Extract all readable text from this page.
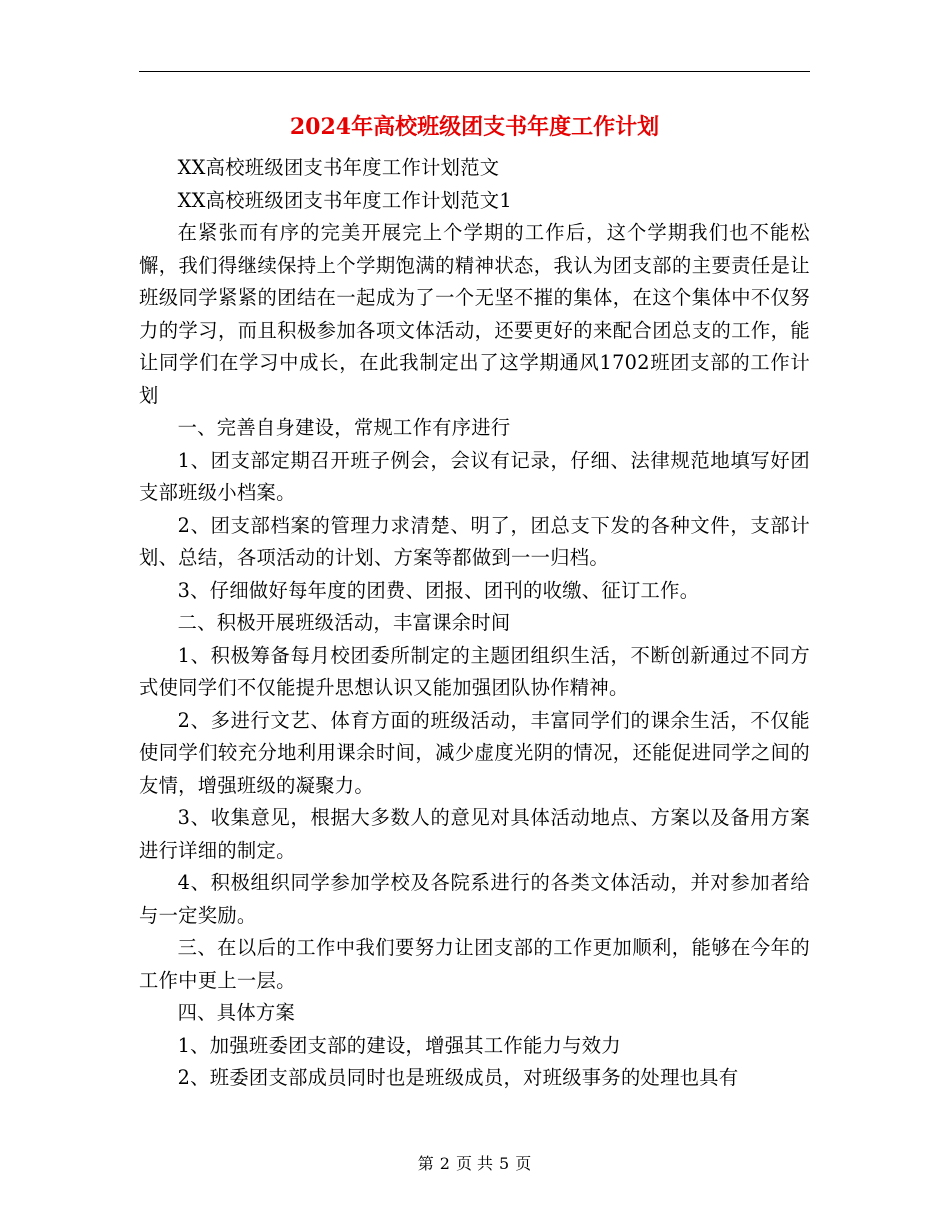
2024年高校班级团支书年度工作计划

XX高校班级团支书年度工作计划范文

XX高校班级团支书年度工作计划范文1

在紧张而有序的完美开展完上个学期的工作后，这个学期我们也不能松懈，我们得继续保持上个学期饱满的精神状态，我认为团支部的主要责任是让班级同学紧紧的团结在一起成为了一个无坚不摧的集体，在这个集体中不仅努力的学习，而且积极参加各项文体活动，还要更好的来配合团总支的工作，能让同学们在学习中成长，在此我制定出了这学期通风1702班团支部的工作计划

一、完善自身建设，常规工作有序进行

1、团支部定期召开班子例会，会议有记录，仔细、法律规范地填写好团支部班级小档案。

2、团支部档案的管理力求清楚、明了，团总支下发的各种文件，支部计划、总结，各项活动的计划、方案等都做到一一归档。

3、仔细做好每年度的团费、团报、团刊的收缴、征订工作。

二、积极开展班级活动，丰富课余时间

1、积极筹备每月校团委所制定的主题团组织生活，不断创新通过不同方式使同学们不仅能提升思想认识又能加强团队协作精神。

2、多进行文艺、体育方面的班级活动，丰富同学们的课余生活，不仅能使同学们较充分地利用课余时间，减少虚度光阴的情况，还能促进同学之间的友情，增强班级的凝聚力。

3、收集意见，根据大多数人的意见对具体活动地点、方案以及备用方案进行详细的制定。

4、积极组织同学参加学校及各院系进行的各类文体活动，并对参加者给与一定奖励。

三、在以后的工作中我们要努力让团支部的工作更加顺利，能够在今年的工作中更上一层。

四、具体方案

1、加强班委团支部的建设，增强其工作能力与效力

2、班委团支部成员同时也是班级成员，对班级事务的处理也具有

第 2 页 共 5 页
